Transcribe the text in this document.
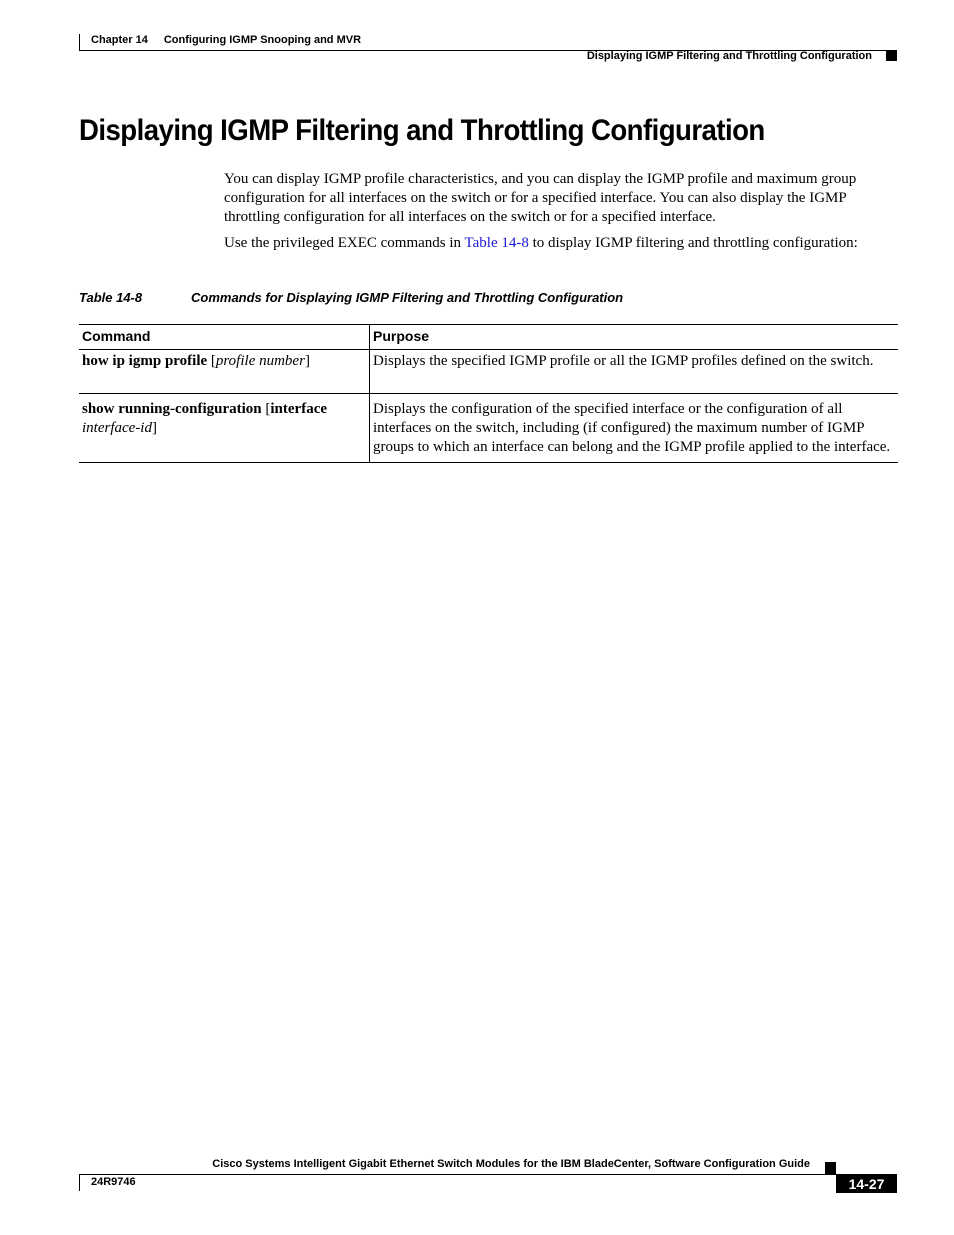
Chapter 14 Configuring IGMP Snooping and MVR
Displaying IGMP Filtering and Throttling Configuration
Displaying IGMP Filtering and Throttling Configuration

You can display IGMP profile characteristics, and you can display the IGMP profile and maximum group configuration for all interfaces on the switch or for a specified interface. You can also display the IGMP throttling configuration for all interfaces on the switch or for a specified interface.

Use the privileged EXEC commands in Table 14-8 to display IGMP filtering and throttling configuration:

Table 14-8	Commands for Displaying IGMP Filtering and Throttling Configuration
Command	Purpose
how ip igmp profile [profile number]	Displays the specified IGMP profile or all the IGMP profiles defined on the switch.
show running-configuration [interface
interface-id]	Displays the configuration of the specified interface or the configuration of all interfaces on the switch, including (if configured) the maximum number of IGMP groups to which an interface can belong and the IGMP profile applied to the interface.
Cisco Systems Intelligent Gigabit Ethernet Switch Modules for the IBM BladeCenter, Software Configuration Guide
24R9746	14-27
